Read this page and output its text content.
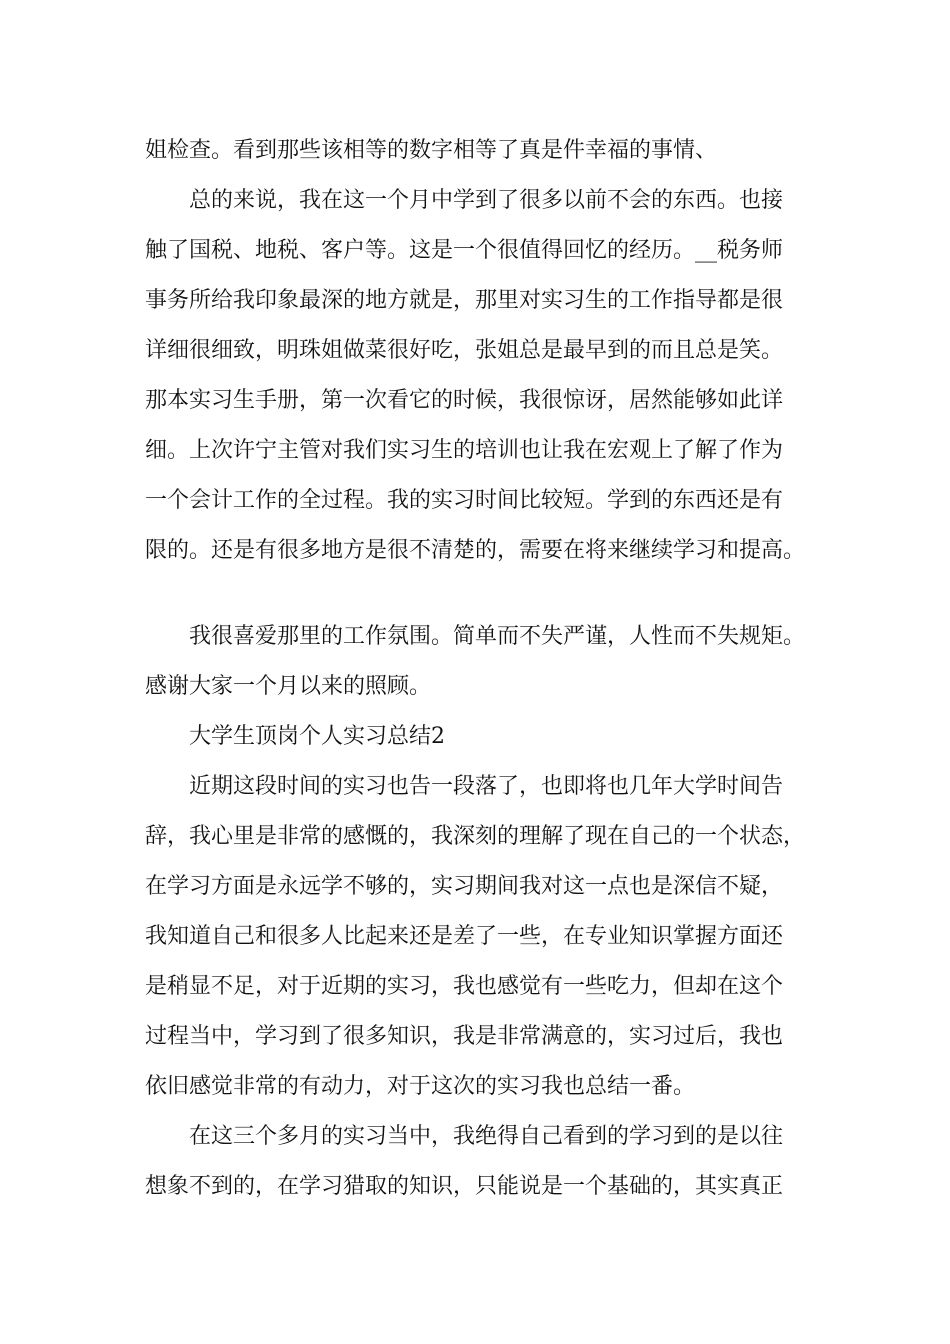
姐检查。看到那些该相等的数字相等了真是件幸福的事情、
总的来说，我在这一个月中学到了很多以前不会的东西。也接
触了国税、地税、客户等。这是一个很值得回忆的经历。__税务师
事务所给我印象最深的地方就是，那里对实习生的工作指导都是很
详细很细致，明珠姐做菜很好吃，张姐总是最早到的而且总是笑。
那本实习生手册，第一次看它的时候，我很惊讶，居然能够如此详
细。上次许宁主管对我们实习生的培训也让我在宏观上了解了作为
一个会计工作的全过程。我的实习时间比较短。学到的东西还是有
限的。还是有很多地方是很不清楚的，需要在将来继续学习和提高。
我很喜爱那里的工作氛围。简单而不失严谨，人性而不失规矩。
感谢大家一个月以来的照顾。
大学生顶岗个人实习总结2
近期这段时间的实习也告一段落了，也即将也几年大学时间告
辞，我心里是非常的感慨的，我深刻的理解了现在自己的一个状态，
在学习方面是永远学不够的，实习期间我对这一点也是深信不疑，
我知道自己和很多人比起来还是差了一些，在专业知识掌握方面还
是稍显不足，对于近期的实习，我也感觉有一些吃力，但却在这个
过程当中，学习到了很多知识，我是非常满意的，实习过后，我也
依旧感觉非常的有动力，对于这次的实习我也总结一番。
在这三个多月的实习当中，我绝得自己看到的学习到的是以往
想象不到的，在学习猎取的知识，只能说是一个基础的，其实真正
